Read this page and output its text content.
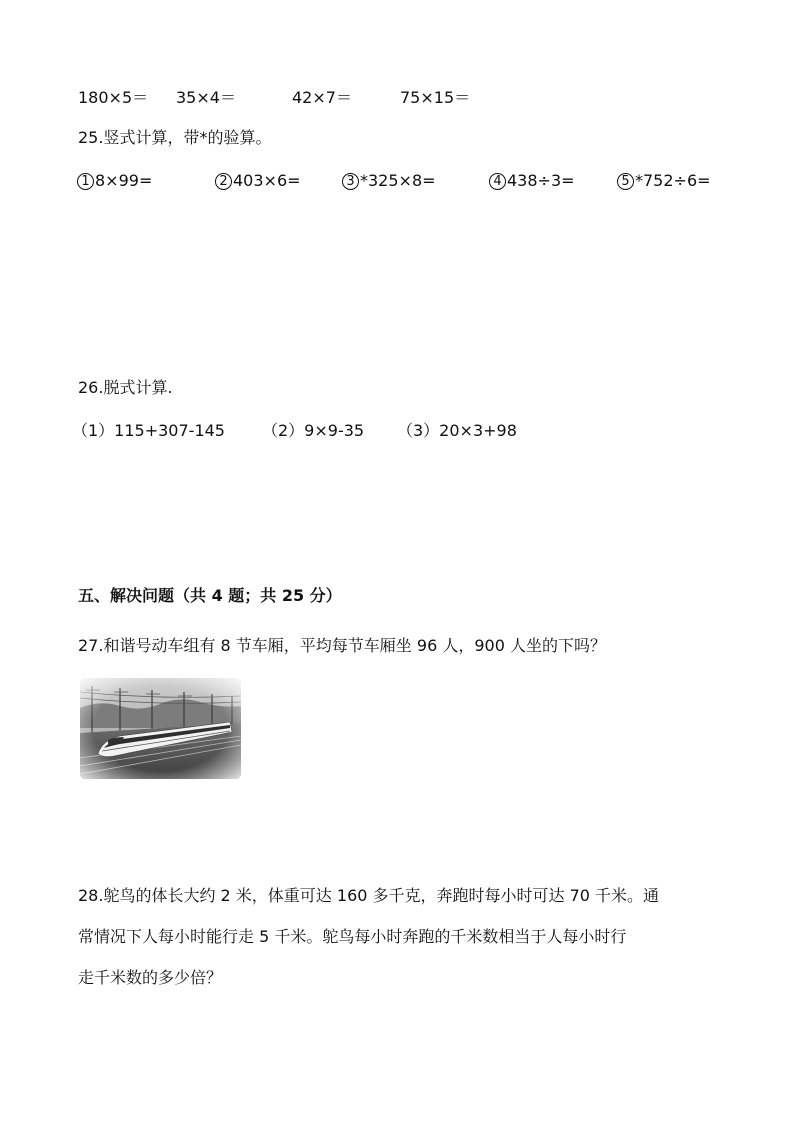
180×5＝ 35×4＝	42×7＝	75×15＝
25.竖式计算，带*的验算。
1 8×99=	2 403×6=	3 *325×8=	4 438÷3=	5 *752÷6=
26.脱式计算.
（1）115+307-145 （2）9×9-35 （3）20×3+98
五、解决问题（共 4 题；共 25 分）
27.和谐号动车组有 8 节车厢，平均每节车厢坐 96 人，900 人坐的下吗？
28.鸵鸟的体长大约 2 米，体重可达 160 多千克，奔跑时每小时可达 70 千米。通
常情况下人每小时能行走 5 千米。鸵鸟每小时奔跑的千米数相当于人每小时行
走千米数的多少倍？
